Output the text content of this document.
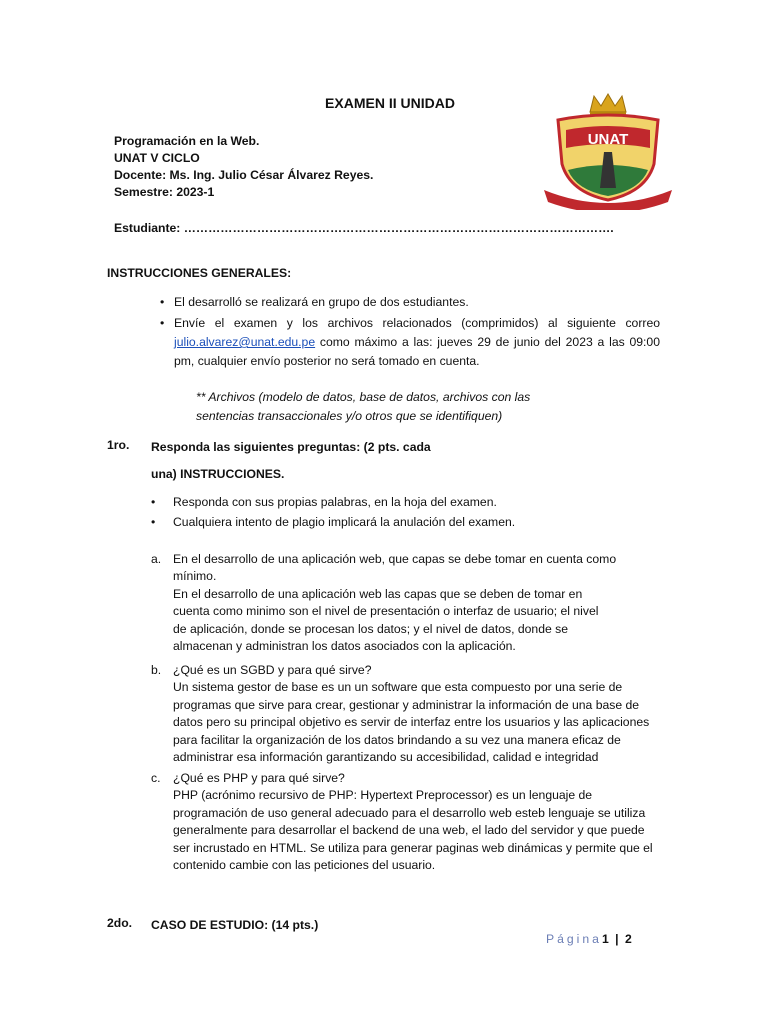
EXAMEN II UNIDAD
Programación en la Web.
UNAT V CICLO
Docente: Ms. Ing. Julio César Álvarez Reyes.
Semestre: 2023-1
Estudiante: …………………………………………………………………………………………….
UNAT
INSTRUCCIONES GENERALES:
• El desarrolló se realizará en grupo de dos estudiantes.
• Envíe el examen y los archivos relacionados (comprimidos) al siguiente correo julio.alvarez@unat.edu.pe como máximo a las: jueves 29 de junio del 2023 a las 09:00 pm, cualquier envío posterior no será tomado en cuenta.
** Archivos (modelo de datos, base de datos, archivos con las
sentencias transaccionales y/o otros que se identifiquen)
1ro. Responda las siguientes preguntas: (2 pts. cada
una) INSTRUCCIONES.
• Responda con sus propias palabras, en la hoja del examen.
• Cualquiera intento de plagio implicará la anulación del examen.
a. En el desarrollo de una aplicación web, que capas se debe tomar en cuenta como
mínimo.
En el desarrollo de una aplicación web las capas que se deben de tomar en
cuenta como minimo son el nivel de presentación o interfaz de usuario; el nivel
de aplicación, donde se procesan los datos; y el nivel de datos, donde se
almacenan y administran los datos asociados con la aplicación.
b. ¿Qué es un SGBD y para qué sirve?
Un sistema gestor de base es un un software que esta compuesto por una serie de
programas que sirve para crear, gestionar y administrar la información de una base de
datos pero su principal objetivo es servir de interfaz entre los usuarios y las aplicaciones
para facilitar la organización de los datos brindando a su vez una manera eficaz de
administrar esa información garantizando su accesibilidad, calidad e integridad
c. ¿Qué es PHP y para qué sirve?
PHP (acrónimo recursivo de PHP: Hypertext Preprocessor) es un lenguaje de
programación de uso general adecuado para el desarrollo web esteb lenguaje se utiliza
generalmente para desarrollar el backend de una web, el lado del servidor y que puede
ser incrustado en HTML. Se utiliza para generar paginas web dinámicas y permite que el
contenido cambie con las peticiones del usuario.
2do. CASO DE ESTUDIO: (14 pts.)
Página1 | 2
